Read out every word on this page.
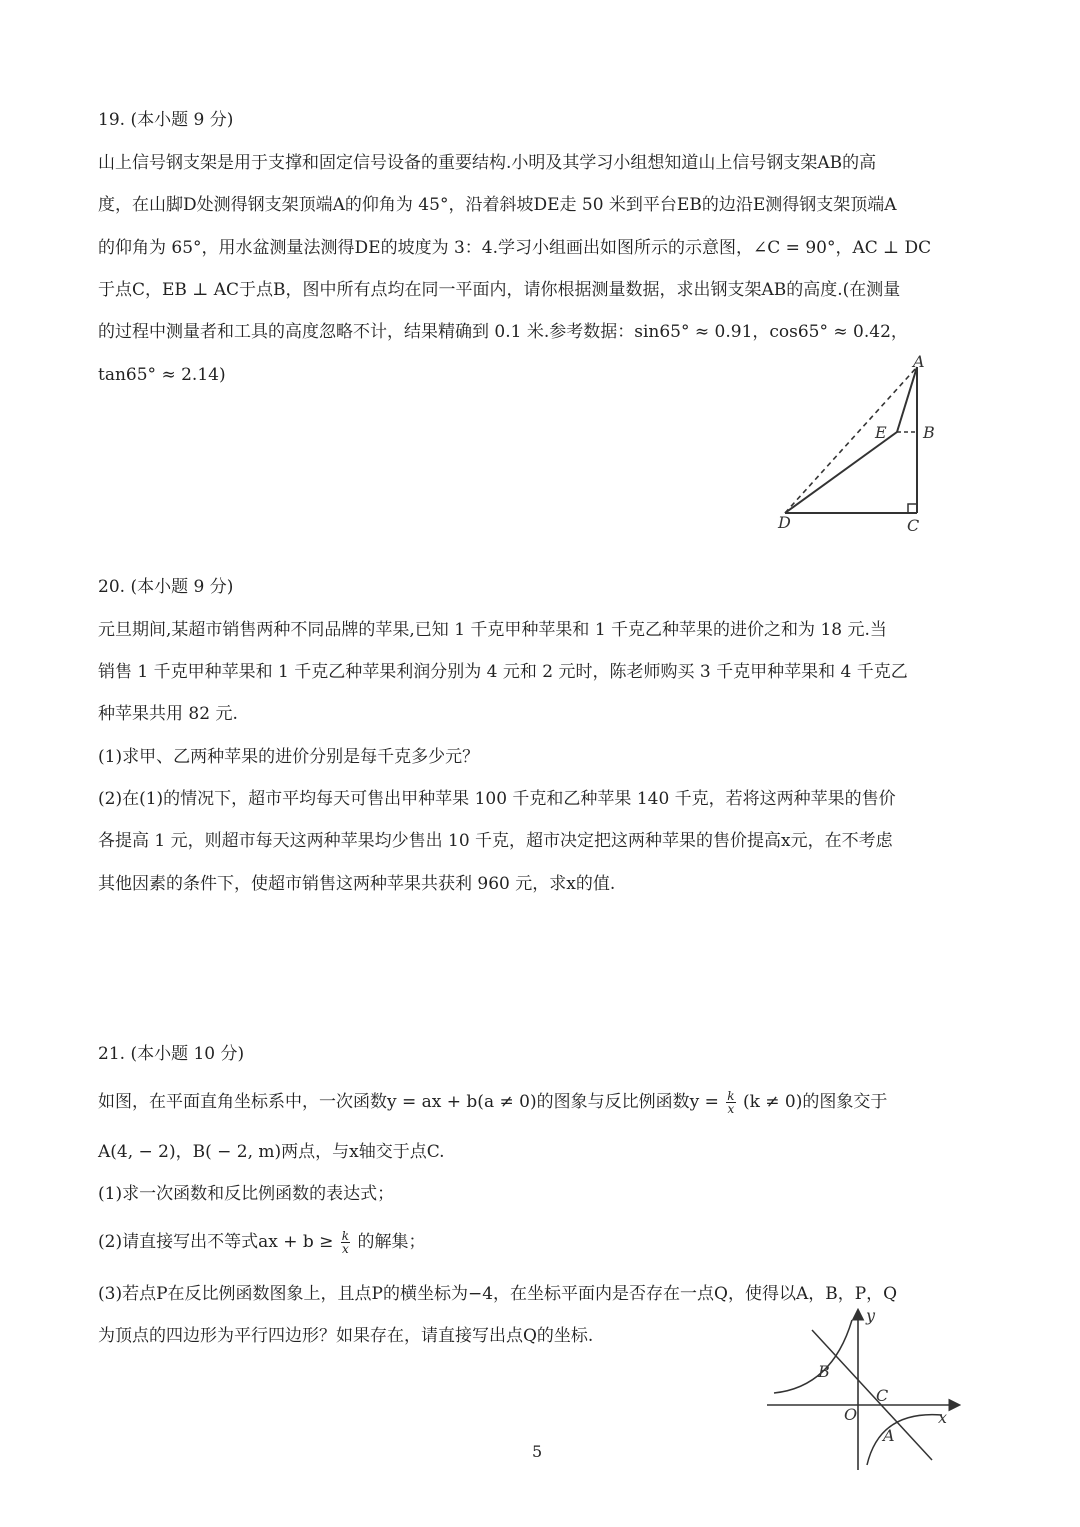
19. (本小题 9 分)
山上信号钢支架是用于支撑和固定信号设备的重要结构.小明及其学习小组想知道山上信号钢支架AB的高
度，在山脚D处测得钢支架顶端A的仰角为 45°，沿着斜坡DE走 50 米到平台EB的边沿E测得钢支架顶端A
的仰角为 65°，用水盆测量法测得DE的坡度为 3：4.学习小组画出如图所示的示意图，∠C = 90°，AC ⊥ DC
于点C，EB ⊥ AC于点B，图中所有点均在同一平面内，请你根据测量数据，求出钢支架AB的高度.(在测量
的过程中测量者和工具的高度忽略不计，结果精确到 0.1 米.参考数据：sin65° ≈ 0.91，cos65° ≈ 0.42，
tan65° ≈ 2.14)
A
B
C
D
E
20. (本小题 9 分)
元旦期间,某超市销售两种不同品牌的苹果,已知 1 千克甲种苹果和 1 千克乙种苹果的进价之和为 18 元.当
销售 1 千克甲种苹果和 1 千克乙种苹果利润分别为 4 元和 2 元时，陈老师购买 3 千克甲种苹果和 4 千克乙
种苹果共用 82 元.
(1)求甲、乙两种苹果的进价分别是每千克多少元？
(2)在(1)的情况下，超市平均每天可售出甲种苹果 100 千克和乙种苹果 140 千克，若将这两种苹果的售价
各提高 1 元，则超市每天这两种苹果均少售出 10 千克，超市决定把这两种苹果的售价提高x元，在不考虑
其他因素的条件下，使超市销售这两种苹果共获利 960 元，求x的值.
21. (本小题 10 分)
如图，在平面直角坐标系中，一次函数y = ax + b(a ≠ 0)的图象与反比例函数$y = \frac{k}{x} (k \ne 0)$的图象交于
A(4, − 2)，B( − 2, m)两点，与x轴交于点C.
(1)求一次函数和反比例函数的表达式；
(2)请直接写出不等式ax + $b \ge \frac{k}{x}$ 的解集；
(3)若点P在反比例函数图象上，且点P的横坐标为−4，在坐标平面内是否存在一点Q，使得以A，B，P，Q
为顶点的四边形为平行四边形？如果存在，请直接写出点Q的坐标.
y
x
O
B
C
A
5
